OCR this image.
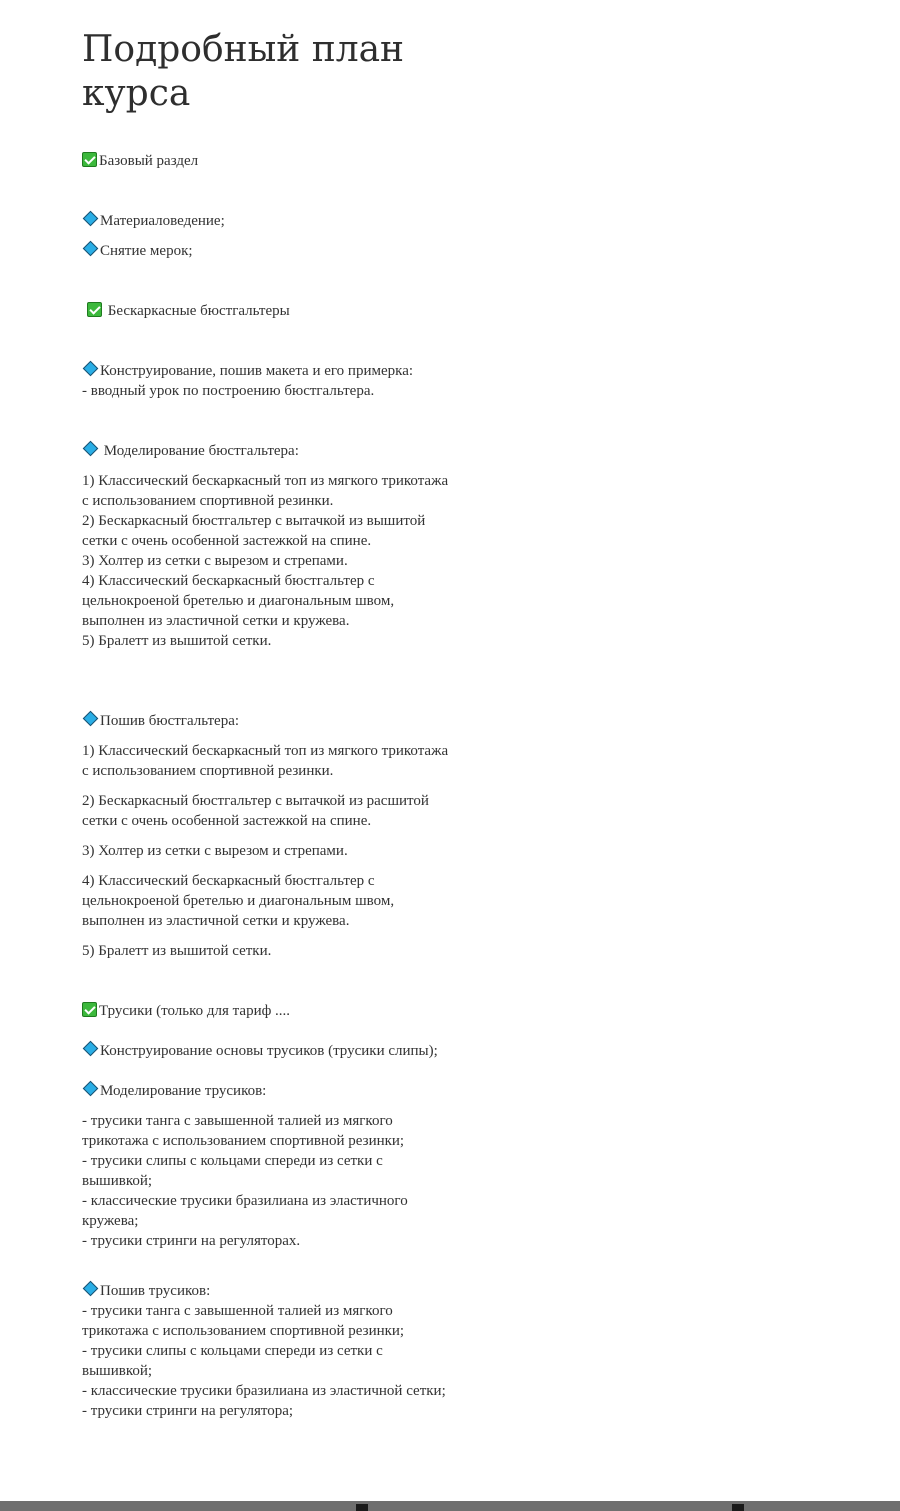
Подробный план курса
Базовый раздел
Материаловедение;
Снятие мерок;
Бескаркасные бюстгальтеры
Конструирование, пошив макета и его примерка:
- вводный урок по построению бюстгальтера.
Моделирование бюстгальтера:
1) Классический бескаркасный топ из мягкого трикотажа
с использованием спортивной резинки.
2) Бескаркасный бюстгальтер с вытачкой из вышитой
сетки с очень особенной застежкой на спине.
3) Холтер из сетки с вырезом и стрепами.
4) Классический бескаркасный бюстгальтер с
цельнокроеной бретелью и диагональным швом,
выполнен из эластичной сетки и кружева.
5) Бралетт из вышитой сетки.
Пошив бюстгальтера:
1) Классический бескаркасный топ из мягкого трикотажа
с использованием спортивной резинки.
2) Бескаркасный бюстгальтер с вытачкой из расшитой
сетки с очень особенной застежкой на спине.
3) Холтер из сетки с вырезом и стрепами.
4) Классический бескаркасный бюстгальтер с
цельнокроеной бретелью и диагональным швом,
выполнен из эластичной сетки и кружева.
5) Бралетт из вышитой сетки.
Трусики (только для тариф ....
Конструирование основы трусиков (трусики слипы);
Моделирование трусиков:
- трусики танга с завышенной талией из мягкого
трикотажа с использованием спортивной резинки;
- трусики слипы с кольцами спереди из сетки с
вышивкой;
- классические трусики бразилиана из эластичного
кружева;
- трусики стринги на регуляторах.
Пошив трусиков:
- трусики танга с завышенной талией из мягкого
трикотажа с использованием спортивной резинки;
- трусики слипы с кольцами спереди из сетки с
вышивкой;
- классические трусики бразилиана из эластичной сетки;
- трусики стринги на регулятора;
